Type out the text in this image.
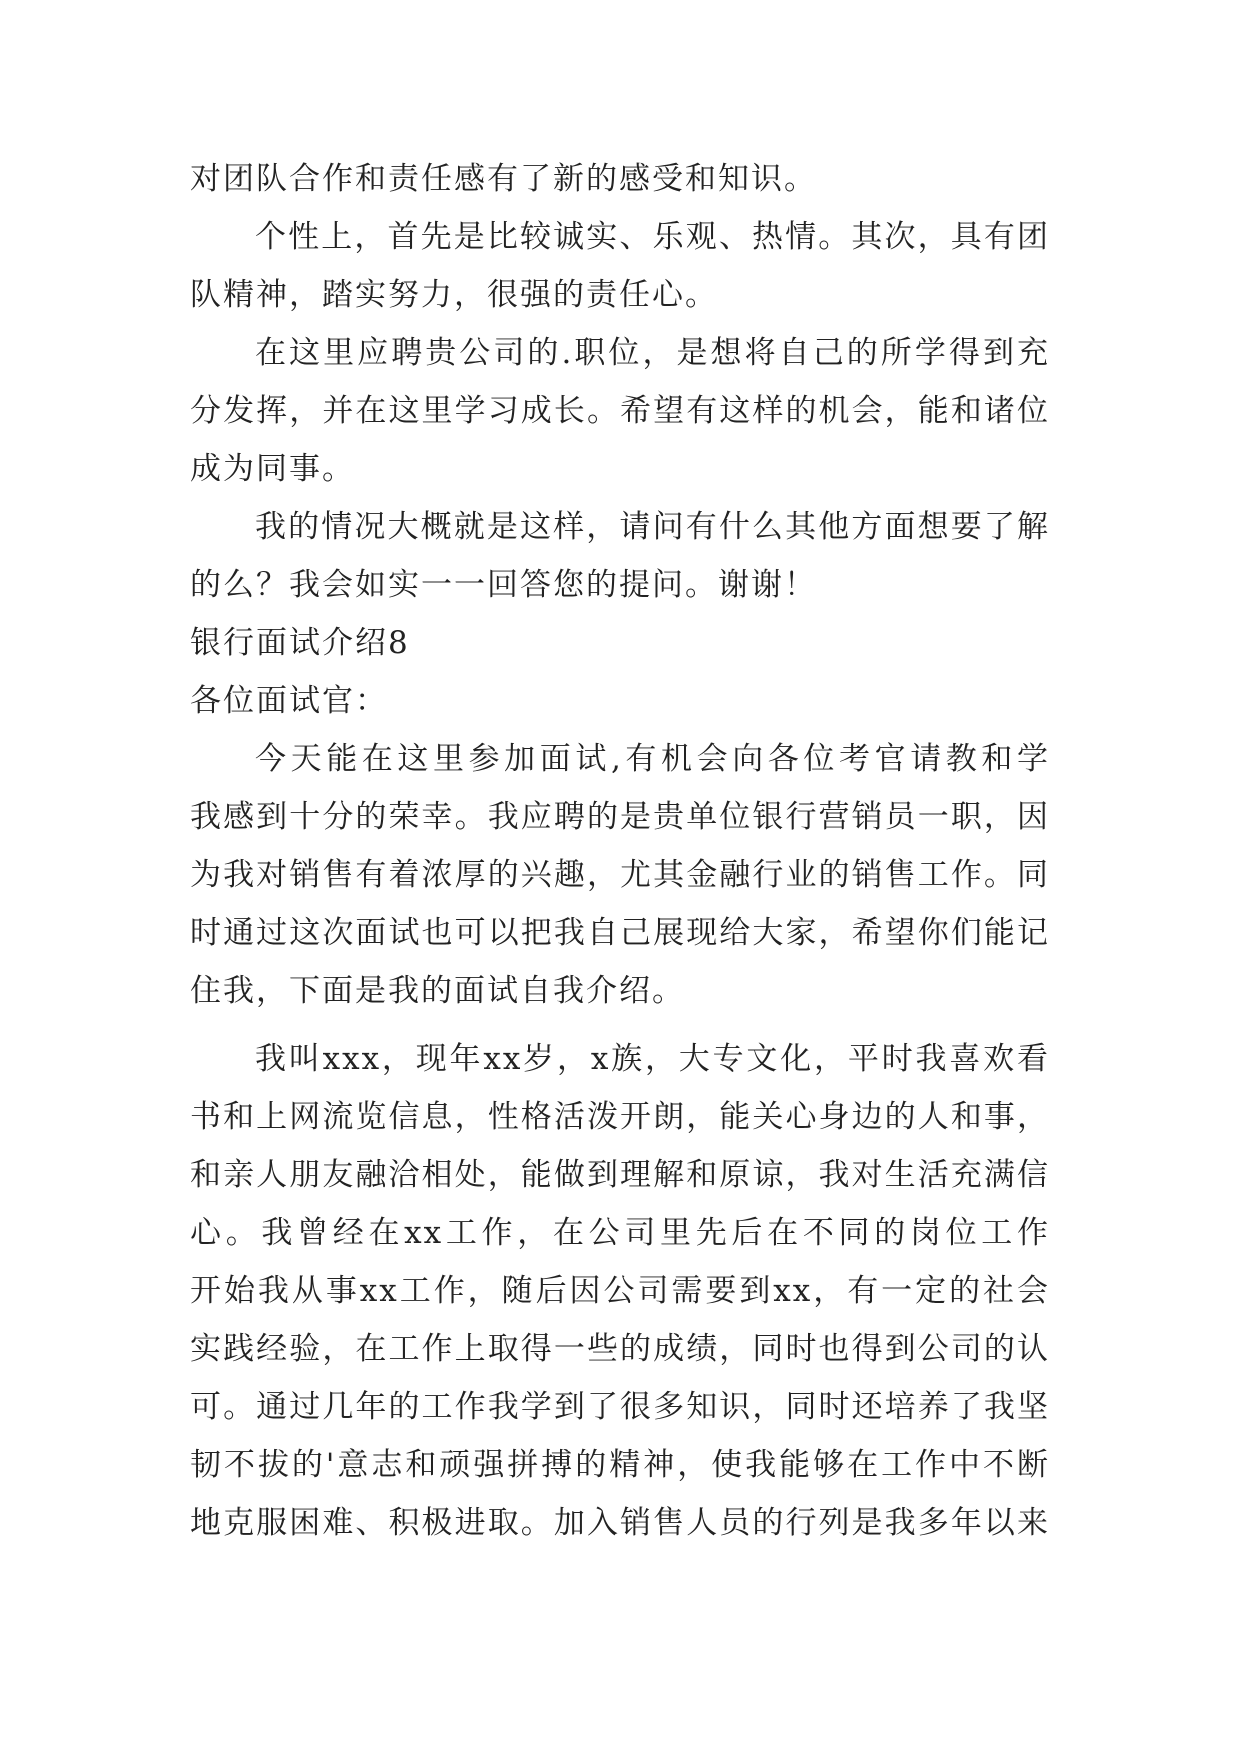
对团队合作和责任感有了新的感受和知识。
个性上，首先是比较诚实、乐观、热情。其次，具有团
队精神，踏实努力，很强的责任心。
在这里应聘贵公司的.职位，是想将自己的所学得到充
分发挥，并在这里学习成长。希望有这样的机会，能和诸位
成为同事。
我的情况大概就是这样，请问有什么其他方面想要了解
的么？我会如实一一回答您的提问。谢谢！
银行面试介绍8
各位面试官：
今天能在这里参加面试,有机会向各位考官请教和学
我感到十分的荣幸。我应聘的是贵单位银行营销员一职，因
为我对销售有着浓厚的兴趣，尤其金融行业的销售工作。同
时通过这次面试也可以把我自己展现给大家，希望你们能记
住我，下面是我的面试自我介绍。
我叫xxx，现年xx岁，x族，大专文化，平时我喜欢看
书和上网流览信息，性格活泼开朗，能关心身边的人和事，
和亲人朋友融洽相处，能做到理解和原谅，我对生活充满信
心。我曾经在xx工作，在公司里先后在不同的岗位工作
开始我从事xx工作，随后因公司需要到xx，有一定的社会
实践经验，在工作上取得一些的成绩，同时也得到公司的认
可。通过几年的工作我学到了很多知识，同时还培养了我坚
韧不拔的'意志和顽强拼搏的精神，使我能够在工作中不断
地克服困难、积极进取。加入销售人员的行列是我多年以来
